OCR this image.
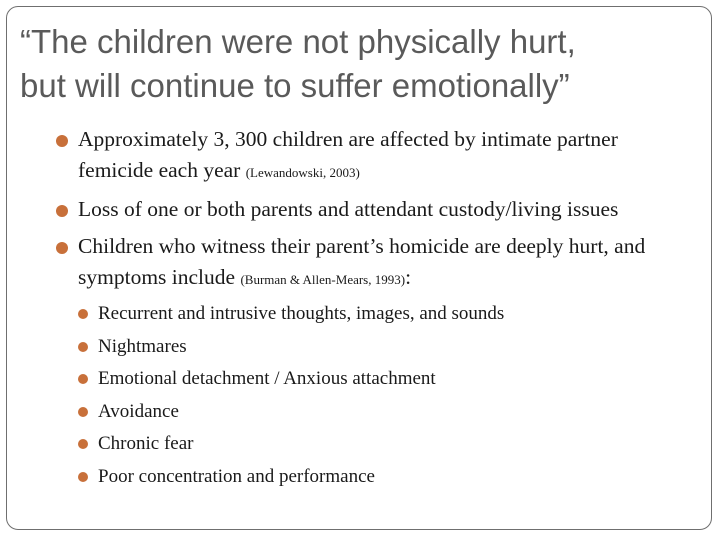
“The children were not physically hurt,
but will continue to suffer emotionally”
Approximately 3, 300 children are affected by intimate partner femicide each year (Lewandowski, 2003)
Loss of one or both parents and attendant custody/living issues
Children who witness their parent’s homicide are deeply hurt, and symptoms include (Burman & Allen-Mears, 1993):
Recurrent and intrusive thoughts, images, and sounds
Nightmares
Emotional detachment / Anxious attachment
Avoidance
Chronic fear
Poor concentration and performance
